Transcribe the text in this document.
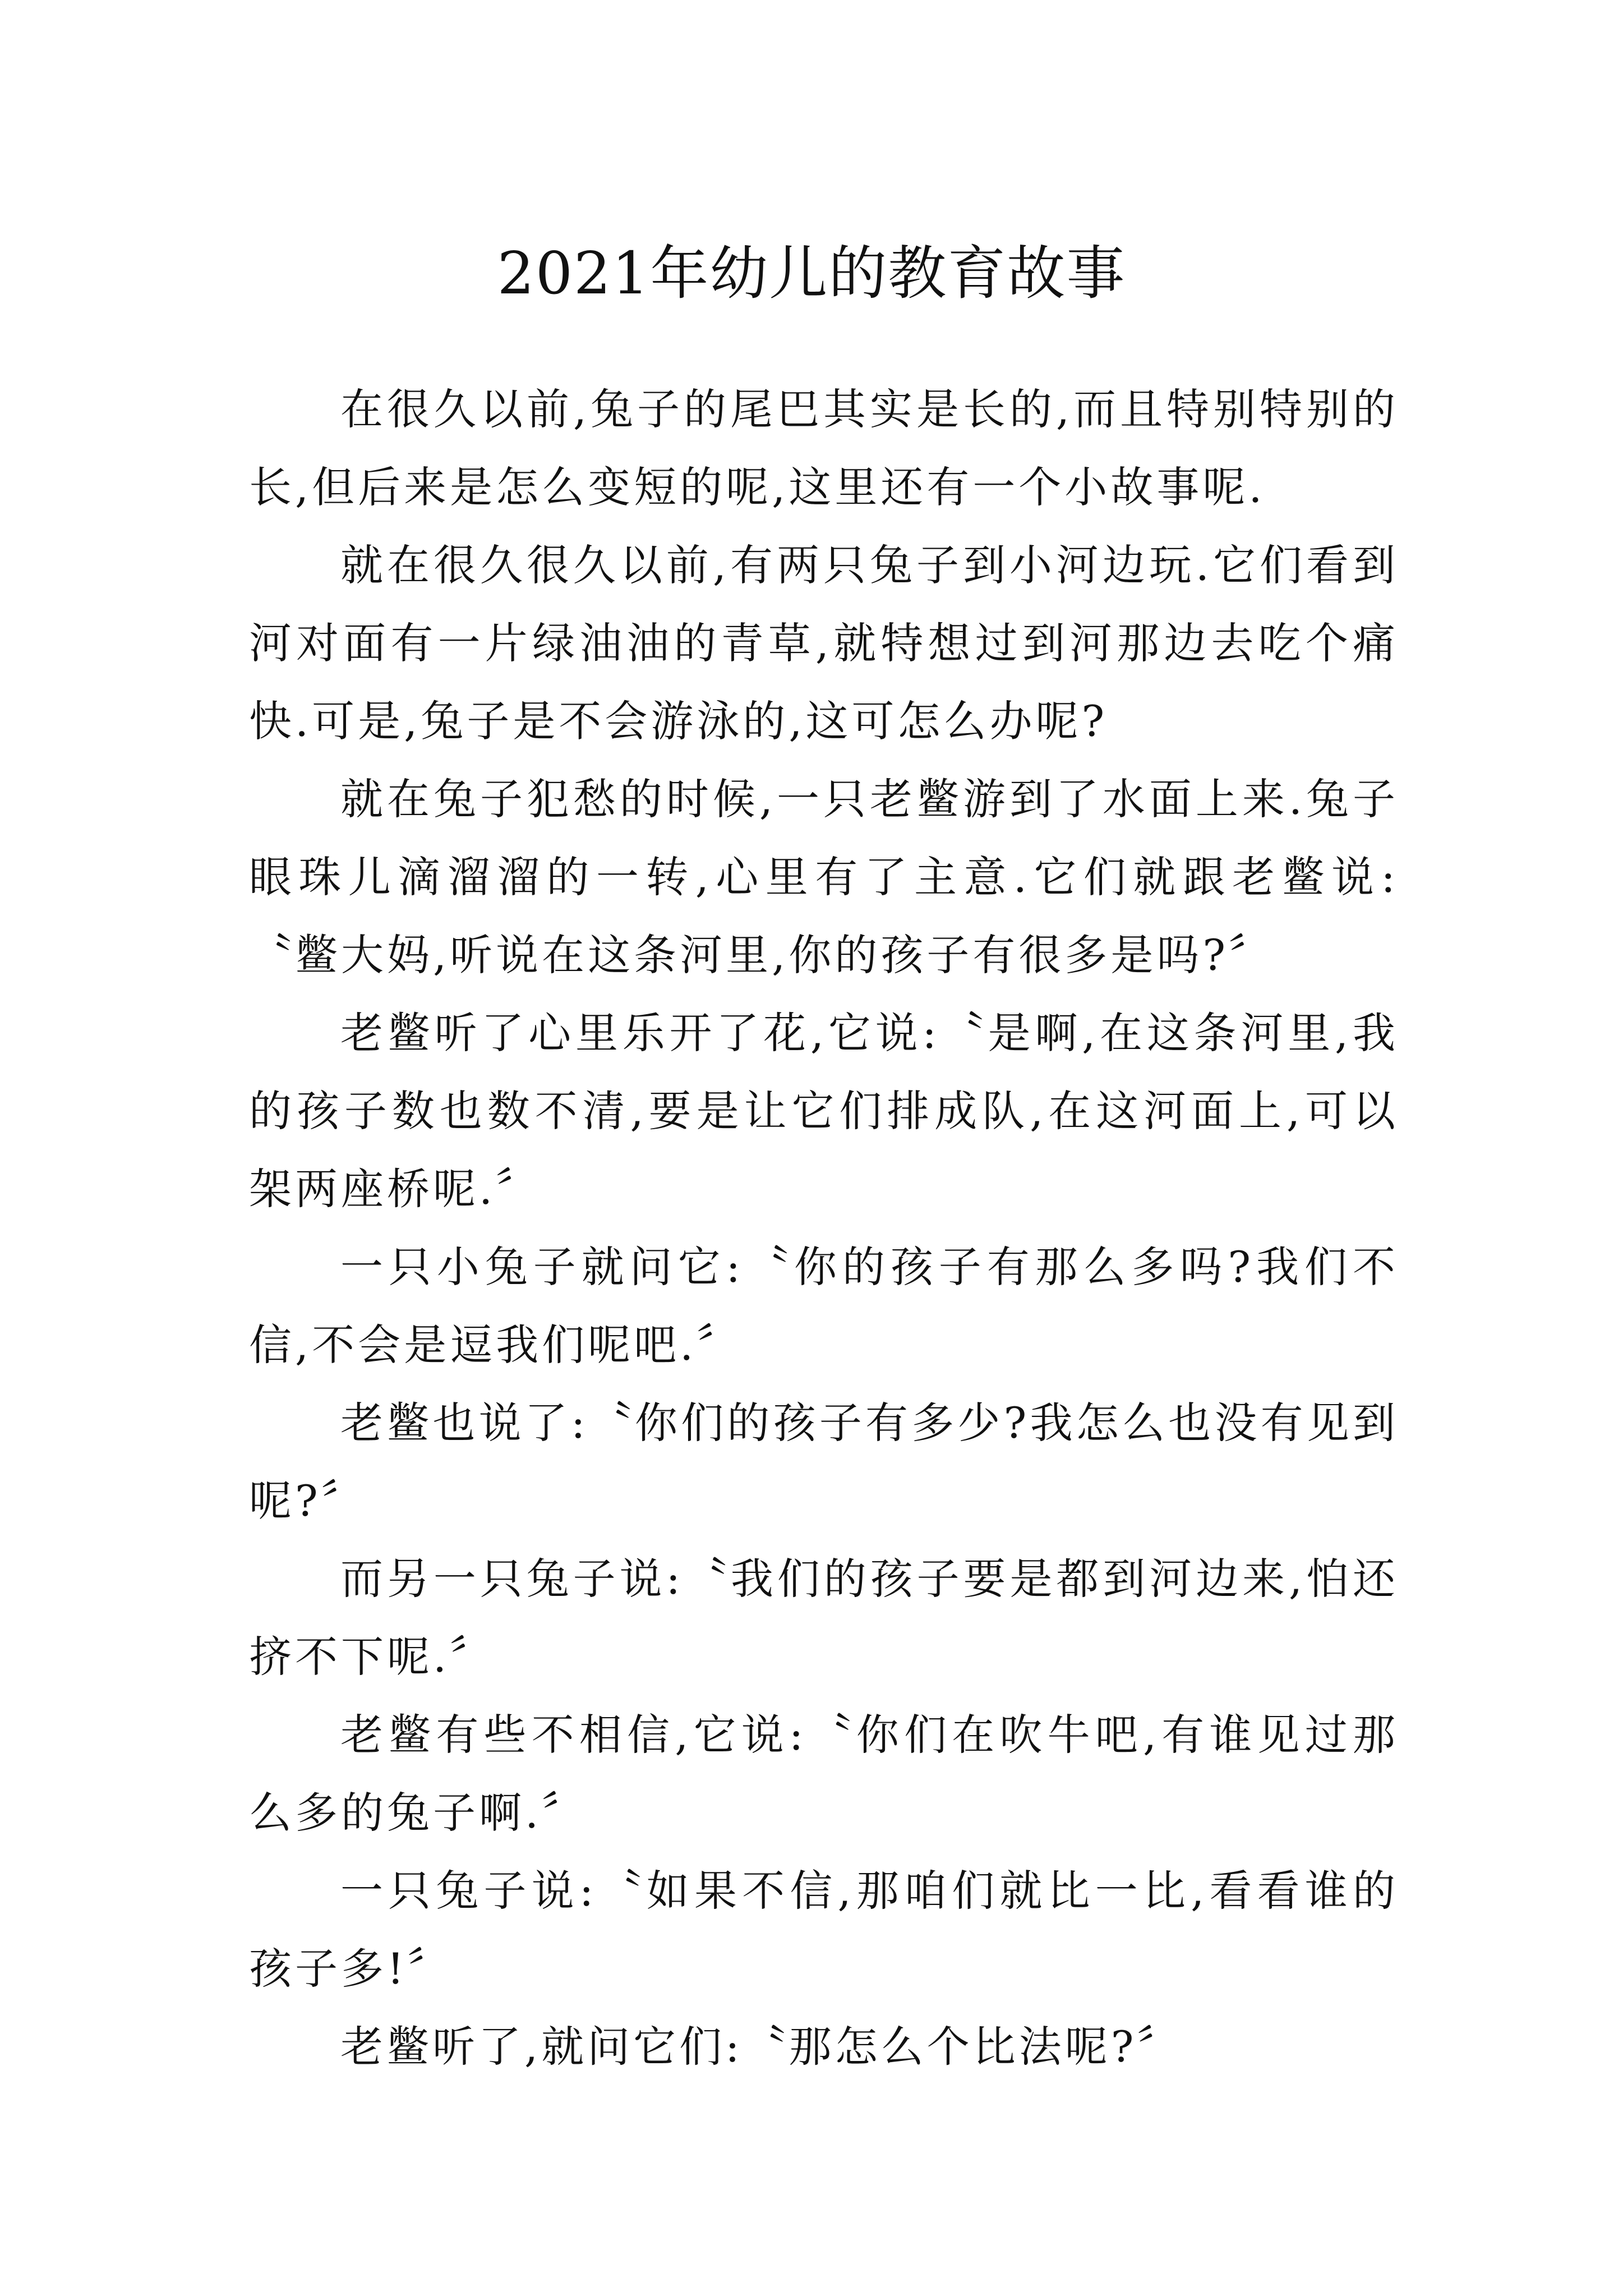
2021年幼儿的教育故事

在很久以前,兔子的尾巴其实是长的,而且特别特别的长,但后来是怎么变短的呢,这里还有一个小故事呢.

就在很久很久以前,有两只兔子到小河边玩.它们看到河对面有一片绿油油的青草,就特想过到河那边去吃个痛快.可是,兔子是不会游泳的,这可怎么办呢?

就在兔子犯愁的时候,一只老鳖游到了水面上来.兔子眼珠儿滴溜溜的一转,心里有了主意.它们就跟老鳖说:〝鳖大妈,听说在这条河里,你的孩子有很多是吗?〞

老鳖听了心里乐开了花,它说:〝是啊,在这条河里,我的孩子数也数不清,要是让它们排成队,在这河面上,可以架两座桥呢.〞

一只小兔子就问它:〝你的孩子有那么多吗?我们不信,不会是逗我们呢吧.〞

老鳖也说了:〝你们的孩子有多少?我怎么也没有见到呢?〞

而另一只兔子说:〝我们的孩子要是都到河边来,怕还挤不下呢.〞

老鳖有些不相信,它说:〝你们在吹牛吧,有谁见过那么多的兔子啊.〞

一只兔子说:〝如果不信,那咱们就比一比,看看谁的孩子多!〞

老鳖听了,就问它们:〝那怎么个比法呢?〞
